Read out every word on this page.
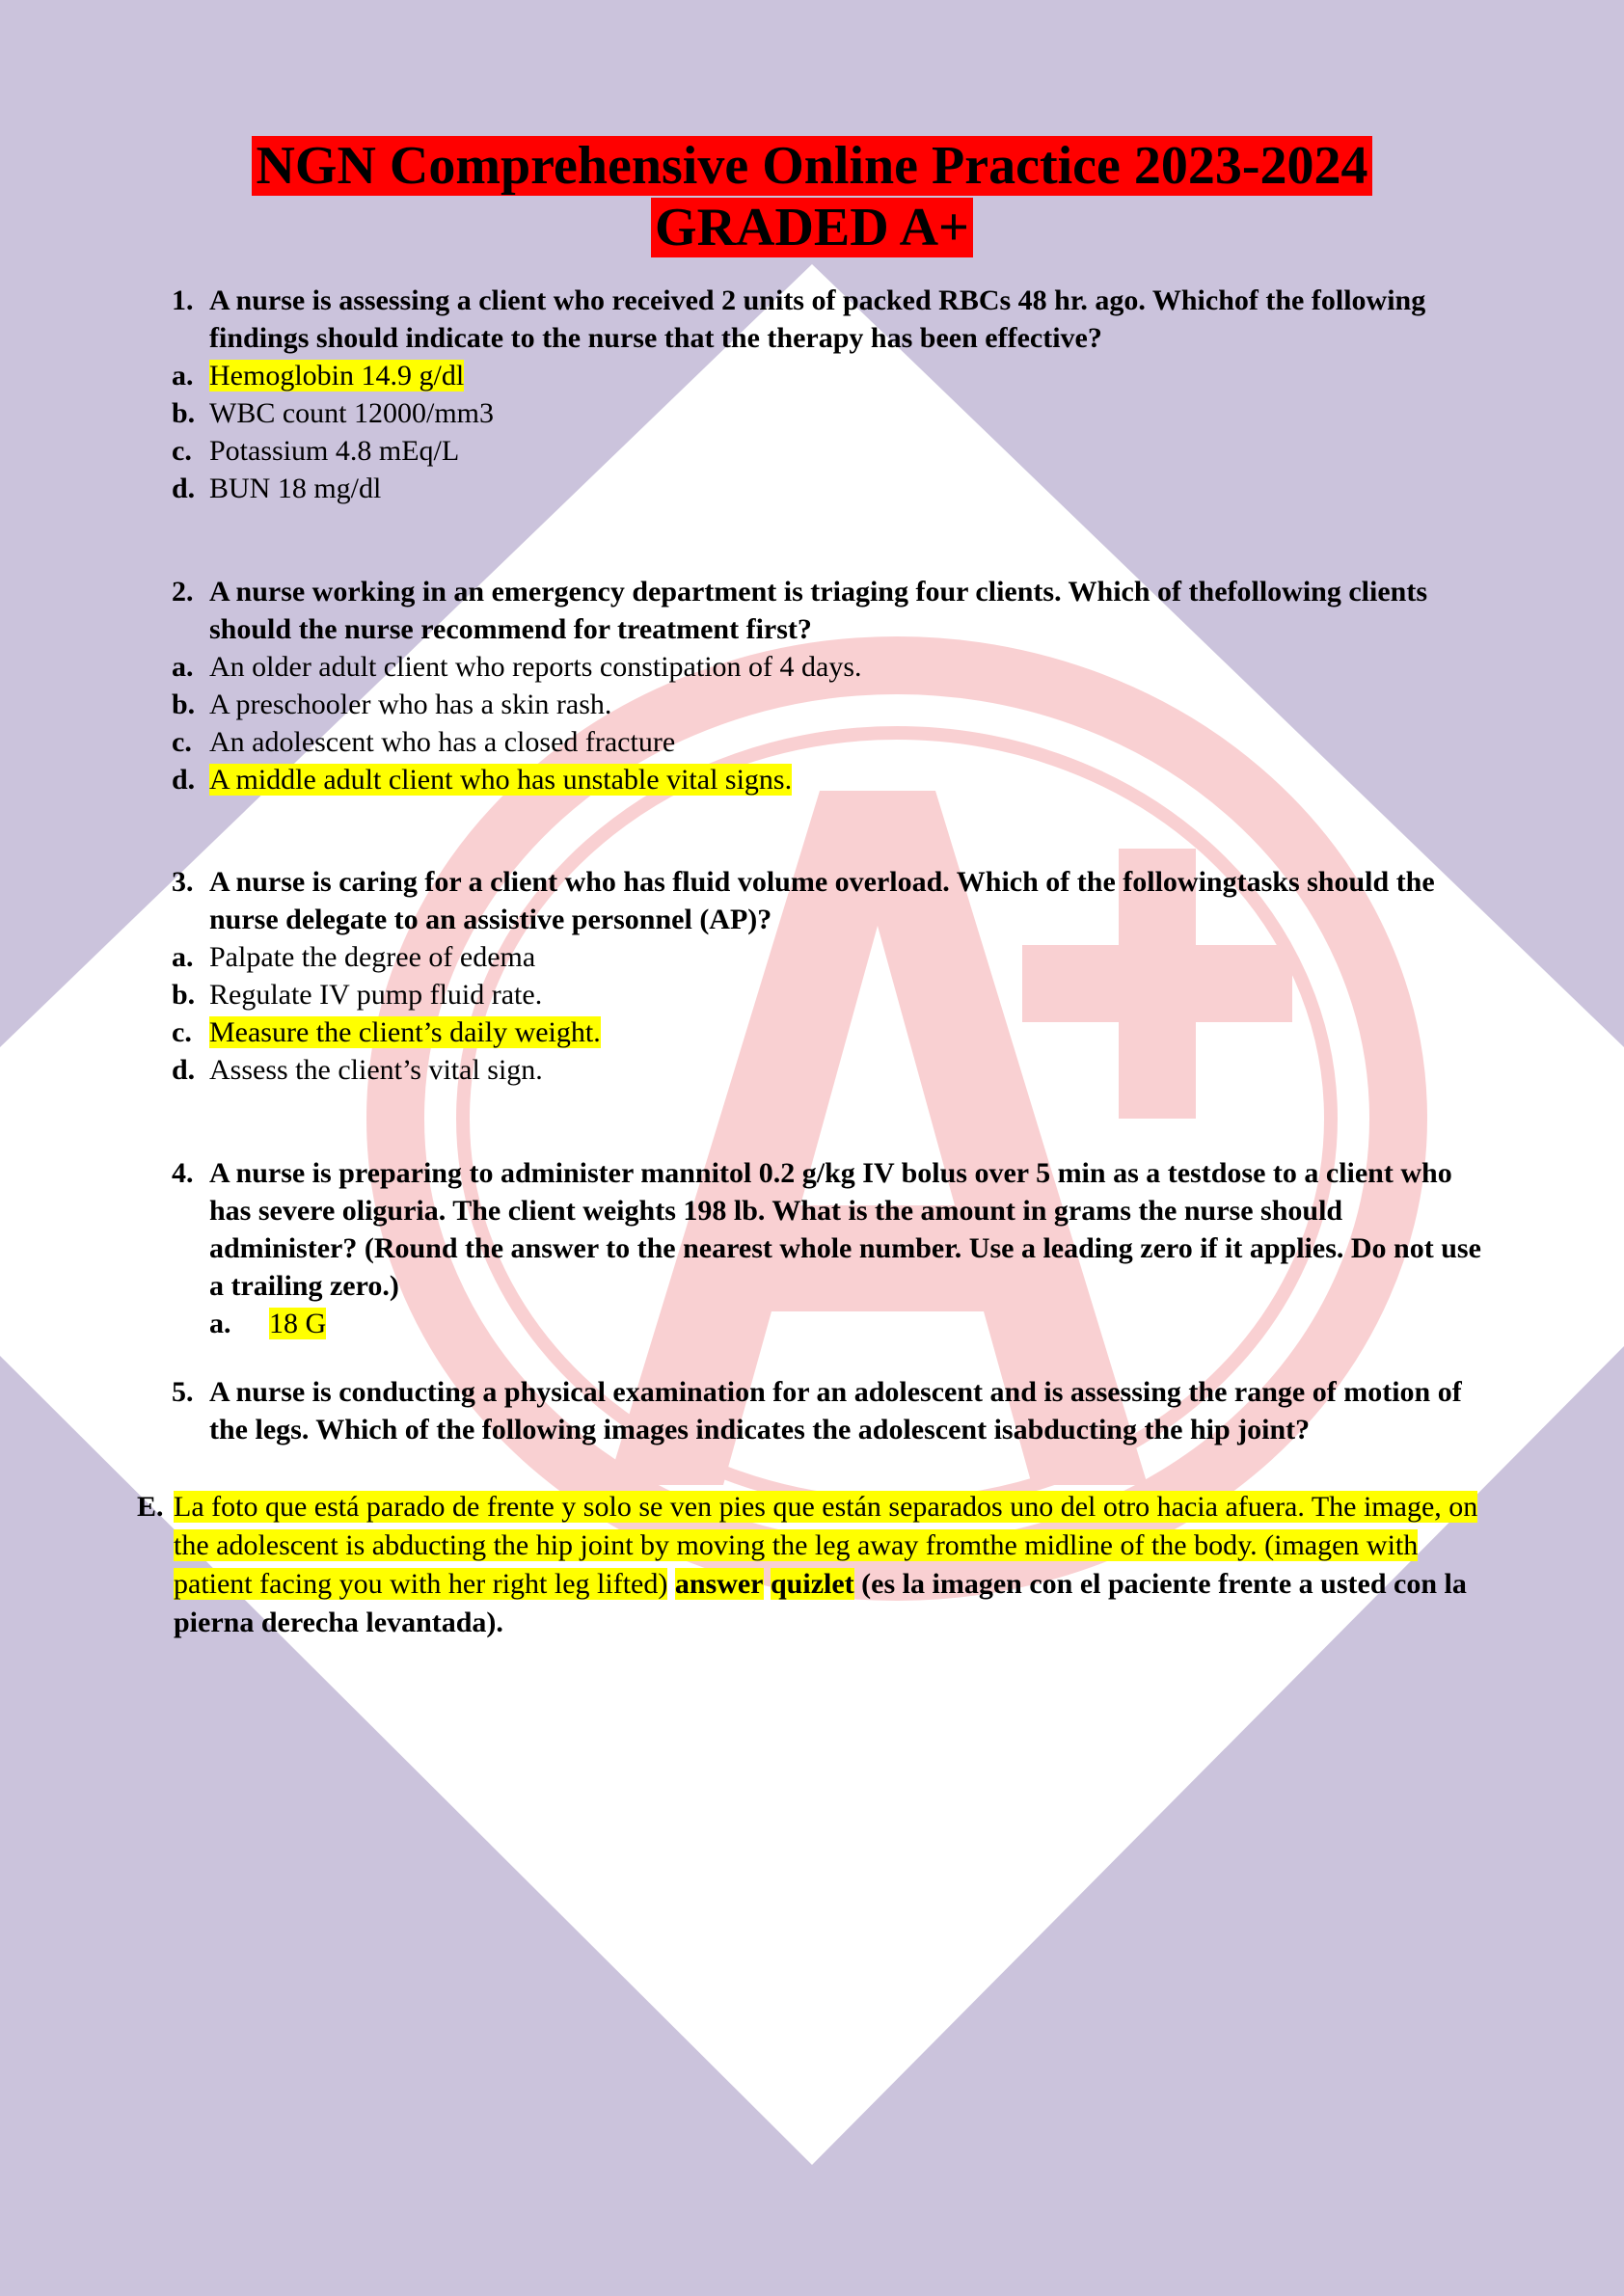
NGN Comprehensive Online Practice 2023-2024
GRADED A+
1. A nurse is assessing a client who received 2 units of packed RBCs 48 hr. ago. Whichof the following findings should indicate to the nurse that the therapy has been effective?
a. Hemoglobin 14.9 g/dl
b. WBC count 12000/mm3
c. Potassium 4.8 mEq/L
d. BUN 18 mg/dl
2. A nurse working in an emergency department is triaging four clients. Which of thefollowing clients should the nurse recommend for treatment first?
a. An older adult client who reports constipation of 4 days.
b. A preschooler who has a skin rash.
c. An adolescent who has a closed fracture
d. A middle adult client who has unstable vital signs.
3. A nurse is caring for a client who has fluid volume overload. Which of the followingtasks should the nurse delegate to an assistive personnel (AP)?
a. Palpate the degree of edema
b. Regulate IV pump fluid rate.
c. Measure the client’s daily weight.
d. Assess the client’s vital sign.
4. A nurse is preparing to administer mannitol 0.2 g/kg IV bolus over 5 min as a testdose to a client who has severe oliguria. The client weights 198 lb. What is the amount in grams the nurse should administer? (Round the answer to the nearest whole number. Use a leading zero if it applies. Do not use a trailing zero.)
a.	18 G
5. A nurse is conducting a physical examination for an adolescent and is assessing the range of motion of the legs. Which of the following images indicates the adolescent isabducting the hip joint?
E. La foto que está parado de frente y solo se ven pies que están separados uno del otro hacia afuera. The image, on the adolescent is abducting the hip joint by moving the leg away fromthe midline of the body. (imagen with patient facing you with her right leg lifted) answer quizlet (es la imagen con el paciente frente a usted con la pierna derecha levantada).
